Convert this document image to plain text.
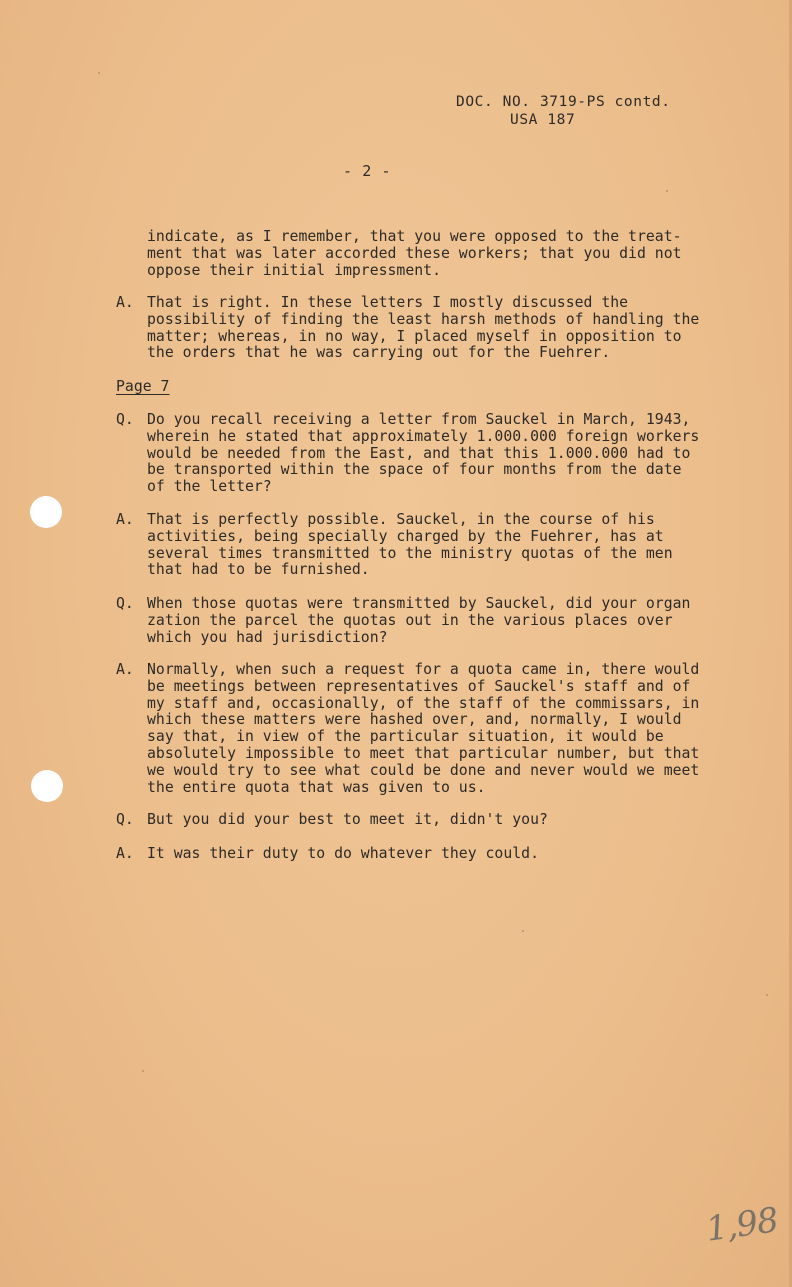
DOC. NO. 3719-PS contd.
USA 187
- 2 -
indicate, as I remember, that you were opposed to the treat-
ment that was later accorded these workers; that you did not
oppose their initial impressment.
A. That is right. In these letters I mostly discussed the
possibility of finding the least harsh methods of handling the
matter; whereas, in no way, I placed myself in opposition to
the orders that he was carrying out for the Fuehrer.
Page 7
Q. Do you recall receiving a letter from Sauckel in March, 1943,
wherein he stated that approximately 1.000.000 foreign workers
would be needed from the East, and that this 1.000.000 had to
be transported within the space of four months from the date
of the letter?
A. That is perfectly possible. Sauckel, in the course of his
activities, being specially charged by the Fuehrer, has at
several times transmitted to the ministry quotas of the men
that had to be furnished.
Q. When those quotas were transmitted by Sauckel, did your organ
zation the parcel the quotas out in the various places over
which you had jurisdiction?
A. Normally, when such a request for a quota came in, there would
be meetings between representatives of Sauckel's staff and of
my staff and, occasionally, of the staff of the commissars, in
which these matters were hashed over, and, normally, I would
say that, in view of the particular situation, it would be
absolutely impossible to meet that particular number, but that
we would try to see what could be done and never would we meet
the entire quota that was given to us.
Q. But you did your best to meet it, didn't you?
A. It was their duty to do whatever they could.
1,98
